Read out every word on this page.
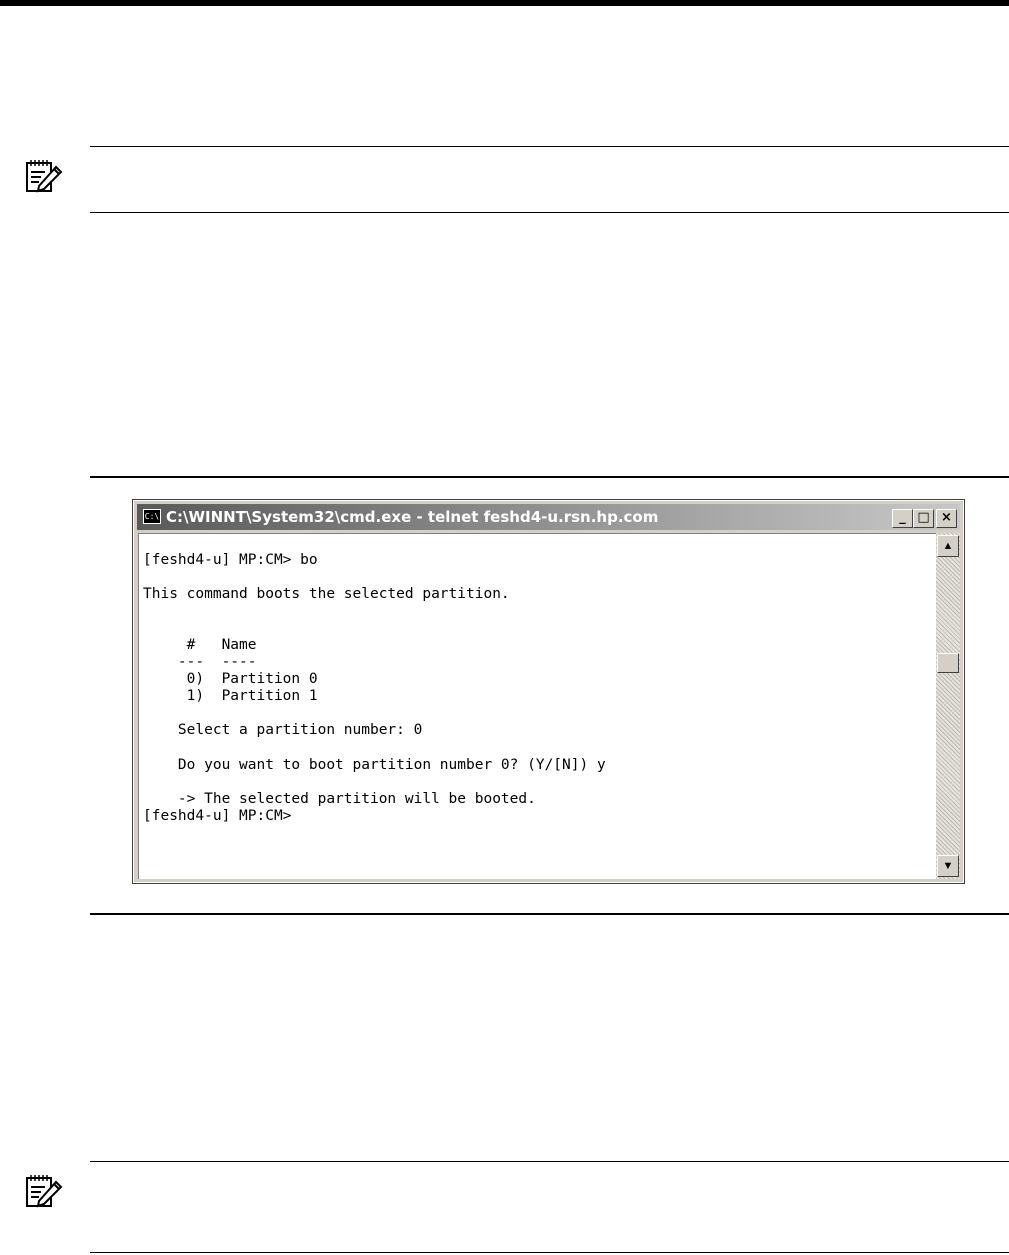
C:\ C:\WINNT\System32\cmd.exe - telnet feshd4-u.rsn.hp.com	_ □ ×
[feshd4-u] MP:CM> bo
This command boots the selected partition.
#   Name
---  ----
0)  Partition 0
1)  Partition 1
Select a partition number: 0
Do you want to boot partition number 0? (Y/[N]) y
-> The selected partition will be booted.
[feshd4-u] MP:CM>
▲
▼
